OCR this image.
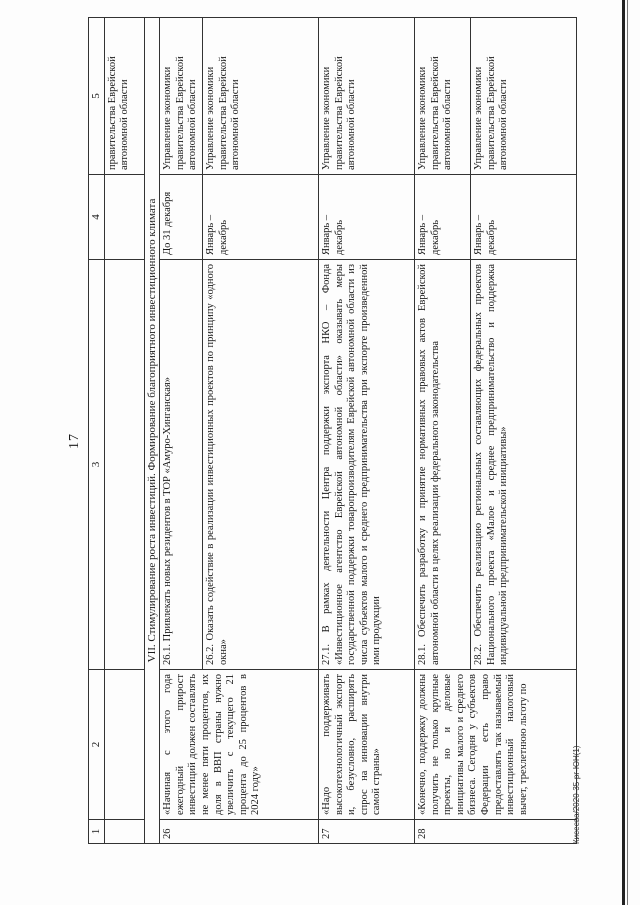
17
1	2	3	4	5
				правительства Еврейской автономной области
VII. Стимулирование роста инвестиций. Формирование благоприятного инвестиционного климата				
26	«Начиная с этого года ежегодный прирост инвестиций должен составлять не менее пяти процентов, их доля в ВВП страны нужно увеличить с текущего 21 процента до 25 процентов в 2024 году»	26.1. Привлекать новых резидентов в ТОР «Амуро-Хинганская»	До 31 декабря	Управление экономики правительства Еврейской автономной области
		26.2. Оказать содействие в реализации инвестиционных проектов по принципу «одного окна»	Январь – декабрь	Управление экономики правительства Еврейской автономной области
27	«Надо поддерживать высокотехнологичный экспорт и, безусловно, расширять спрос на инновации внутри самой страны»	27.1. В рамках деятельности Центра поддержки экспорта НКО – Фонда «Инвестиционное агентство Еврейской автономной области» оказывать меры государственной поддержки товаропроизводителям Еврейской автономной области из числа субъектов малого и среднего предпринимательства при экспорте произведенной ими продукции	Январь – декабрь	Управление экономики правительства Еврейской автономной области
28	«Конечно, поддержку должны получить не только крупные проекты, но и деловые инициативы малого и среднего бизнеса. Сегодня у субъектов Федерации есть право предоставлять так называемый инвестиционный налоговый вычет, трехлетнюю льготу по	28.1. Обеспечить разработку и принятие нормативных правовых актов Еврейской автономной области в целях реализации федерального законодательства	Январь – декабрь	Управление экономики правительства Еврейской автономной области
		28.2. Обеспечить реализацию региональных составляющих федеральных проектов Национального проекта «Малое и среднее предпринимательство и поддержка индивидуальной предпринимательской инициативы»	Январь – декабрь	Управление экономики правительства Еврейской автономной области
Кисеева/2020-35-рг-ЮН(1)
